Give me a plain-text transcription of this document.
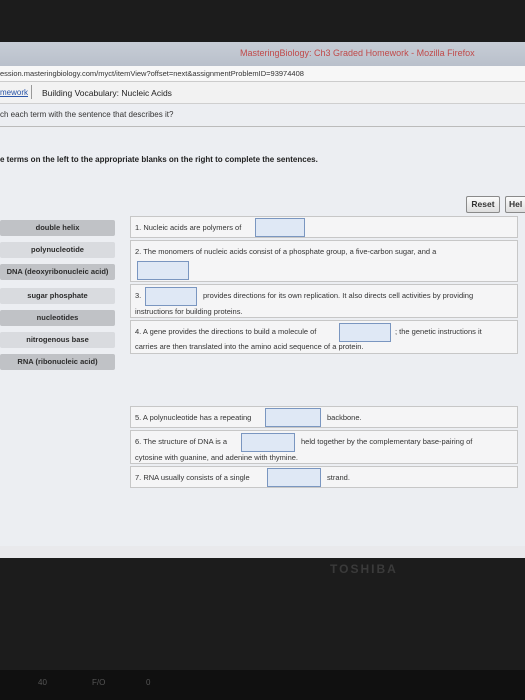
MasteringBiology: Ch3 Graded Homework - Mozilla Firefox
ession.masteringbiology.com/myct/itemView?offset=next&assignmentProblemID=93974408
mework Building Vocabulary: Nucleic Acids
ch each term with the sentence that describes it?
e terms on the left to the appropriate blanks on the right to complete the sentences.
Reset	Hel
double helix
polynucleotide
DNA (deoxyribonucleic acid)
sugar phosphate
nucleotides
nitrogenous base
RNA (ribonucleic acid)
1. Nucleic acids are polymers of
2. The monomers of nucleic acids consist of a phosphate group, a five-carbon sugar, and a
3.	provides directions for its own replication. It also directs cell activities by providing
instructions for building proteins.
4. A gene provides the directions to build a molecule of	; the genetic instructions it
carries are then translated into the amino acid sequence of a protein.
5. A polynucleotide has a repeating	backbone.
6. The structure of DNA is a	held together by the complementary base-pairing of
cytosine with guanine, and adenine with thymine.
7. RNA usually consists of a single	strand.
TOSHIBA
40	F/O	0
